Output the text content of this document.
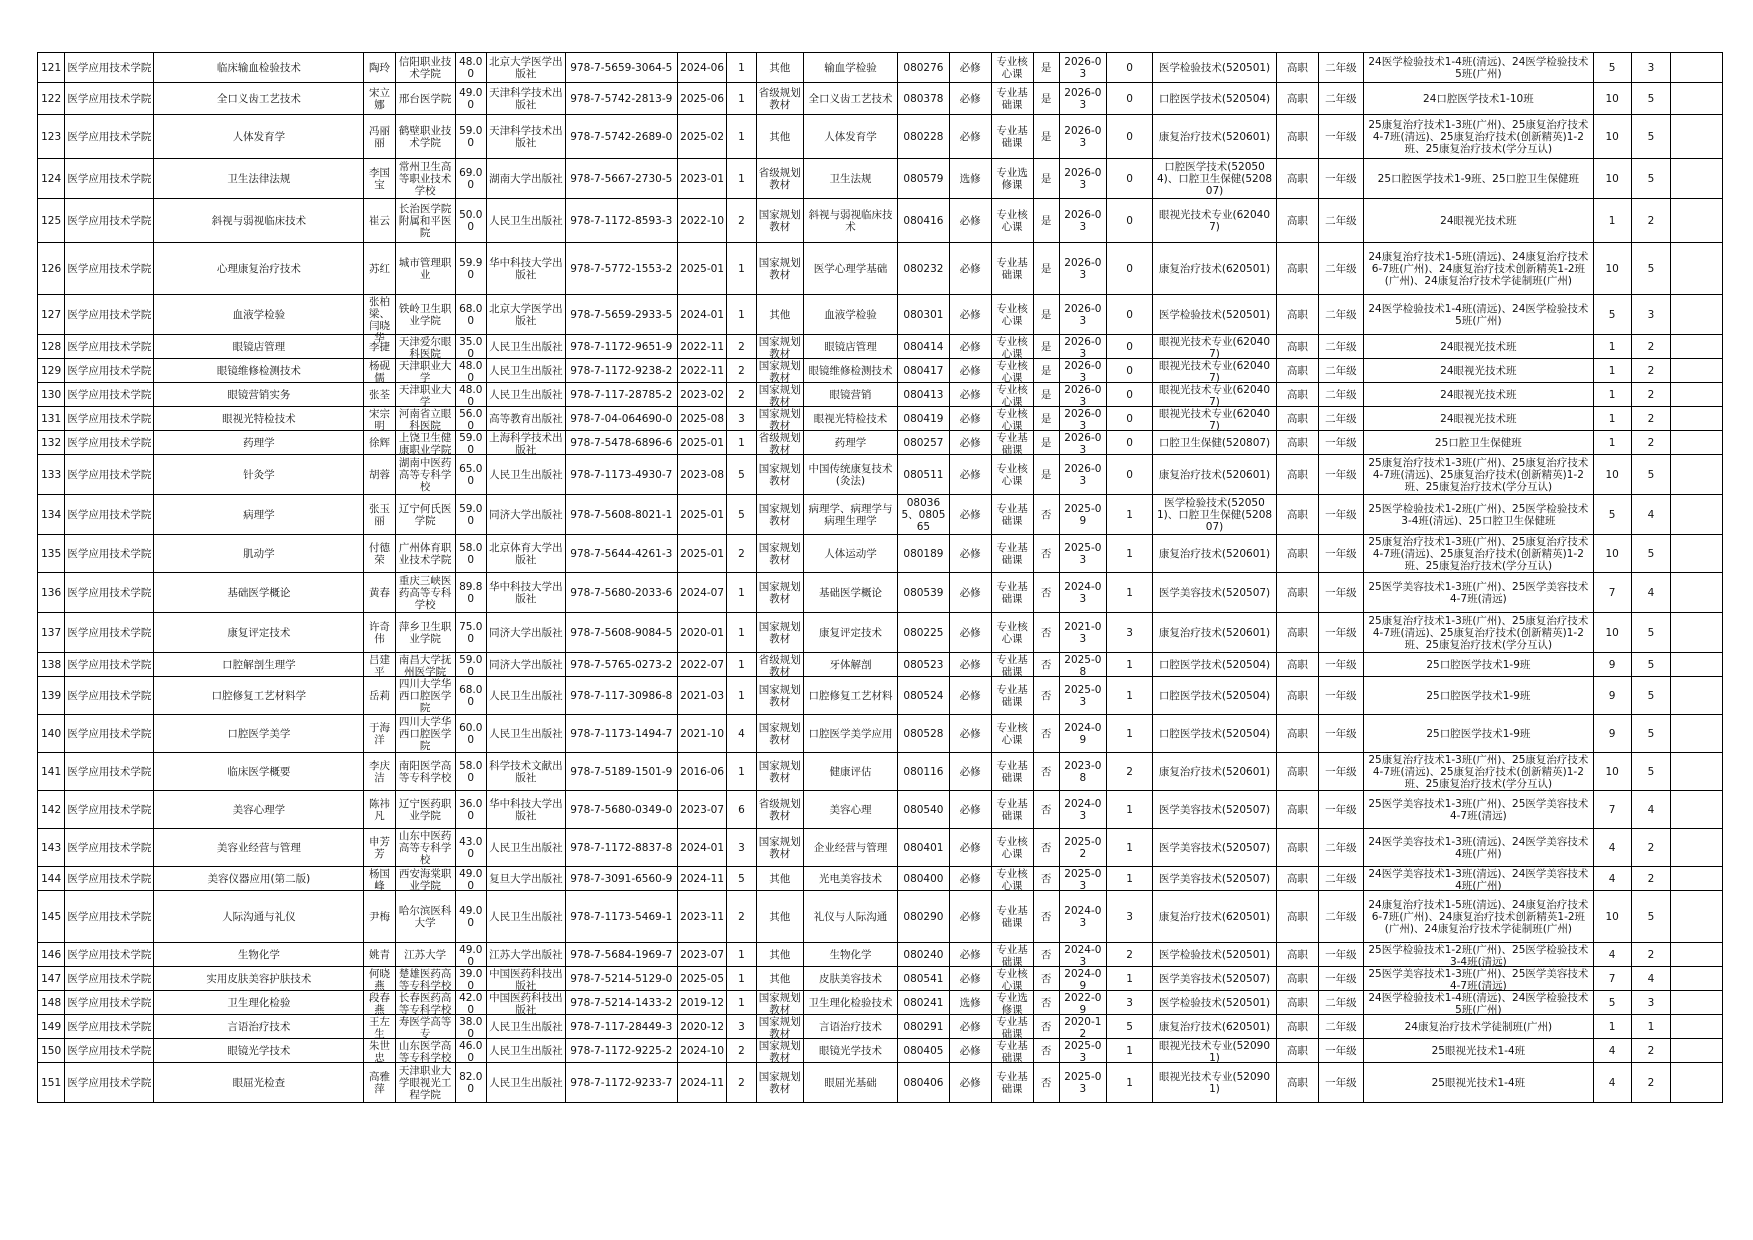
121	医学应用技术学院	临床输血检验技术	陶玲	信阳职业技术学院	48.00	北京大学医学出版社	978-7-5659-3064-5	2024-06	1	其他	输血学检验	080276	必修	专业核心课	是	2026-03	0	医学检验技术(520501)	高职	二年级	24医学检验技术1-4班(清远)、24医学检验技术5班(广州)	5	3	

122	医学应用技术学院	全口义齿工艺技术	宋立娜	邢台医学院	49.00	天津科学技术出版社	978-7-5742-2813-9	2025-06	1	省级规划教材	全口义齿工艺技术	080378	必修	专业基础课	是	2026-03	0	口腔医学技术(520504)	高职	二年级	24口腔医学技术1-10班	10	5	

123	医学应用技术学院	人体发育学	冯丽丽	鹤壁职业技术学院	59.00	天津科学技术出版社	978-7-5742-2689-0	2025-02	1	其他	人体发育学	080228	必修	专业基础课	是	2026-03	0	康复治疗技术(520601)	高职	一年级	25康复治疗技术1-3班(广州)、25康复治疗技术4-7班(清远)、25康复治疗技术(创新精英)1-2班、25康复治疗技术(学分互认)	10	5	

124	医学应用技术学院	卫生法律法规	李国宝	常州卫生高等职业技术学校	69.00	湖南大学出版社	978-7-5667-2730-5	2023-01	1	省级规划教材	卫生法规	080579	选修	专业选修课	是	2026-03	0	口腔医学技术(520504)、口腔卫生保健(520807)	高职	一年级	25口腔医学技术1-9班、25口腔卫生保健班	10	5	

125	医学应用技术学院	斜视与弱视临床技术	崔云	长治医学院附属和平医院	50.00	人民卫生出版社	978-7-1172-8593-3	2022-10	2	国家规划教材	斜视与弱视临床技术	080416	必修	专业核心课	是	2026-03	0	眼视光技术专业(620407)	高职	二年级	24眼视光技术班	1	2	

126	医学应用技术学院	心理康复治疗技术	苏红	城市管理职业	59.90	华中科技大学出版社	978-7-5772-1553-2	2025-01	1	国家规划教材	医学心理学基础	080232	必修	专业基础课	是	2026-03	0	康复治疗技术(620501)	高职	二年级	24康复治疗技术1-5班(清远)、24康复治疗技术6-7班(广州)、24康复治疗技术创新精英1-2班(广州)、24康复治疗技术学徒制班(广州)	10	5	

127	医学应用技术学院	血液学检验	张柏梁、闫晓华	铁岭卫生职业学院	68.00	北京大学医学出版社	978-7-5659-2933-5	2024-01	1	其他	血液学检验	080301	必修	专业核心课	是	2026-03	0	医学检验技术(520501)	高职	二年级	24医学检验技术1-4班(清远)、24医学检验技术5班(广州)	5	3	

128	医学应用技术学院	眼镜店管理	李捷	天津爱尔眼科医院	35.00	人民卫生出版社	978-7-1172-9651-9	2022-11	2	国家规划教材	眼镜店管理	080414	必修	专业核心课	是	2026-03	0	眼视光技术专业(620407)	高职	二年级	24眼视光技术班	1	2	

129	医学应用技术学院	眼镜维修检测技术	杨砚儒	天津职业大学	48.00	人民卫生出版社	978-7-1172-9238-2	2022-11	2	国家规划教材	眼镜维修检测技术	080417	必修	专业核心课	是	2026-03	0	眼视光技术专业(620407)	高职	二年级	24眼视光技术班	1	2	

130	医学应用技术学院	眼镜营销实务	张荃	天津职业大学	48.00	人民卫生出版社	978-7-117-28785-2	2023-02	2	国家规划教材	眼镜营销	080413	必修	专业核心课	是	2026-03	0	眼视光技术专业(620407)	高职	二年级	24眼视光技术班	1	2	

131	医学应用技术学院	眼视光特检技术	宋宗明	河南省立眼科医院	56.00	高等教育出版社	978-7-04-064690-0	2025-08	3	国家规划教材	眼视光特检技术	080419	必修	专业核心课	是	2026-03	0	眼视光技术专业(620407)	高职	二年级	24眼视光技术班	1	2	

132	医学应用技术学院	药理学	徐辉	上饶卫生健康职业学院	59.00	上海科学技术出版社	978-7-5478-6896-6	2025-01	1	省级规划教材	药理学	080257	必修	专业基础课	是	2026-03	0	口腔卫生保健(520807)	高职	一年级	25口腔卫生保健班	1	2	

133	医学应用技术学院	针灸学	胡蓉	湖南中医药高等专科学校	65.00	人民卫生出版社	978-7-1173-4930-7	2023-08	5	国家规划教材	中国传统康复技术(灸法)	080511	必修	专业核心课	是	2026-03	0	康复治疗技术(520601)	高职	一年级	25康复治疗技术1-3班(广州)、25康复治疗技术4-7班(清远)、25康复治疗技术(创新精英)1-2班、25康复治疗技术(学分互认)	10	5	

134	医学应用技术学院	病理学	张玉丽	辽宁何氏医学院	59.00	同济大学出版社	978-7-5608-8021-1	2025-01	5	国家规划教材	病理学、病理学与病理生理学	080365、080565	必修	专业基础课	否	2025-09	1	医学检验技术(520501)、口腔卫生保健(520807)	高职	一年级	25医学检验技术1-2班(广州)、25医学检验技术3-4班(清远)、25口腔卫生保健班	5	4	

135	医学应用技术学院	肌动学	付德荣	广州体育职业技术学院	58.00	北京体育大学出版社	978-7-5644-4261-3	2025-01	2	国家规划教材	人体运动学	080189	必修	专业基础课	否	2025-03	1	康复治疗技术(520601)	高职	一年级	25康复治疗技术1-3班(广州)、25康复治疗技术4-7班(清远)、25康复治疗技术(创新精英)1-2班、25康复治疗技术(学分互认)	10	5	

136	医学应用技术学院	基础医学概论	黄春	重庆三峡医药高等专科学校	89.80	华中科技大学出版社	978-7-5680-2033-6	2024-07	1	国家规划教材	基础医学概论	080539	必修	专业基础课	否	2024-03	1	医学美容技术(520507)	高职	一年级	25医学美容技术1-3班(广州)、25医学美容技术4-7班(清远)	7	4	

137	医学应用技术学院	康复评定技术	许奇伟	萍乡卫生职业学院	75.00	同济大学出版社	978-7-5608-9084-5	2020-01	1	国家规划教材	康复评定技术	080225	必修	专业核心课	否	2021-03	3	康复治疗技术(520601)	高职	一年级	25康复治疗技术1-3班(广州)、25康复治疗技术4-7班(清远)、25康复治疗技术(创新精英)1-2班、25康复治疗技术(学分互认)	10	5	

138	医学应用技术学院	口腔解剖生理学	吕建平	南昌大学抚州医学院	59.00	同济大学出版社	978-7-5765-0273-2	2022-07	1	省级规划教材	牙体解剖	080523	必修	专业基础课	否	2025-08	1	口腔医学技术(520504)	高职	一年级	25口腔医学技术1-9班	9	5	

139	医学应用技术学院	口腔修复工艺材料学	岳莉	四川大学华西口腔医学院	68.00	人民卫生出版社	978-7-117-30986-8	2021-03	1	国家规划教材	口腔修复工艺材料	080524	必修	专业基础课	否	2025-03	1	口腔医学技术(520504)	高职	一年级	25口腔医学技术1-9班	9	5	

140	医学应用技术学院	口腔医学美学	于海洋	四川大学华西口腔医学院	60.00	人民卫生出版社	978-7-1173-1494-7	2021-10	4	国家规划教材	口腔医学美学应用	080528	必修	专业核心课	否	2024-09	1	口腔医学技术(520504)	高职	一年级	25口腔医学技术1-9班	9	5	

141	医学应用技术学院	临床医学概要	李庆洁	南阳医学高等专科学校	58.00	科学技术文献出版社	978-7-5189-1501-9	2016-06	1	国家规划教材	健康评估	080116	必修	专业基础课	否	2023-08	2	康复治疗技术(520601)	高职	一年级	25康复治疗技术1-3班(广州)、25康复治疗技术4-7班(清远)、25康复治疗技术(创新精英)1-2班、25康复治疗技术(学分互认)	10	5	

142	医学应用技术学院	美容心理学	陈祎凡	辽宁医药职业学院	36.00	华中科技大学出版社	978-7-5680-0349-0	2023-07	6	省级规划教材	美容心理	080540	必修	专业基础课	否	2024-03	1	医学美容技术(520507)	高职	一年级	25医学美容技术1-3班(广州)、25医学美容技术4-7班(清远)	7	4	

143	医学应用技术学院	美容业经营与管理	申芳芳	山东中医药高等专科学校	43.00	人民卫生出版社	978-7-1172-8837-8	2024-01	3	国家规划教材	企业经营与管理	080401	必修	专业核心课	否	2025-02	1	医学美容技术(520507)	高职	二年级	24医学美容技术1-3班(清远)、24医学美容技术4班(广州)	4	2	

144	医学应用技术学院	美容仪器应用(第二版)	杨国峰	西安海棠职业学院	49.00	复旦大学出版社	978-7-3091-6560-9	2024-11	5	其他	光电美容技术	080400	必修	专业核心课	否	2025-03	1	医学美容技术(520507)	高职	二年级	24医学美容技术1-3班(清远)、24医学美容技术4班(广州)	4	2	

145	医学应用技术学院	人际沟通与礼仪	尹梅	哈尔滨医科大学	49.00	人民卫生出版社	978-7-1173-5469-1	2023-11	2	其他	礼仪与人际沟通	080290	必修	专业基础课	否	2024-03	3	康复治疗技术(620501)	高职	二年级	24康复治疗技术1-5班(清远)、24康复治疗技术6-7班(广州)、24康复治疗技术创新精英1-2班(广州)、24康复治疗技术学徒制班(广州)	10	5	

146	医学应用技术学院	生物化学	姚青	江苏大学	49.00	江苏大学出版社	978-7-5684-1969-7	2023-07	1	其他	生物化学	080240	必修	专业基础课	否	2024-03	2	医学检验技术(520501)	高职	一年级	25医学检验技术1-2班(广州)、25医学检验技术3-4班(清远)	4	2	

147	医学应用技术学院	实用皮肤美容护肤技术	何晓燕	楚雄医药高等专科学校	39.00	中国医药科技出版社	978-7-5214-5129-0	2025-05	1	其他	皮肤美容技术	080541	必修	专业核心课	否	2024-09	1	医学美容技术(520507)	高职	一年级	25医学美容技术1-3班(广州)、25医学美容技术4-7班(清远)	7	4	

148	医学应用技术学院	卫生理化检验	段春燕	长春医药高等专科学校	42.00	中国医药科技出版社	978-7-5214-1433-2	2019-12	1	国家规划教材	卫生理化检验技术	080241	选修	专业选修课	否	2022-09	3	医学检验技术(520501)	高职	二年级	24医学检验技术1-4班(清远)、24医学检验技术5班(广州)	5	3	

149	医学应用技术学院	言语治疗技术	王左生	寿医学高等专	38.00	人民卫生出版社	978-7-117-28449-3	2020-12	3	国家规划教材	言语治疗技术	080291	必修	专业基础课	否	2020-12	5	康复治疗技术(620501)	高职	二年级	24康复治疗技术学徒制班(广州)	1	1	

150	医学应用技术学院	眼镜光学技术	朱世忠	山东医学高等专科学校	46.00	人民卫生出版社	978-7-1172-9225-2	2024-10	2	国家规划教材	眼镜光学技术	080405	必修	专业基础课	否	2025-03	1	眼视光技术专业(520901)	高职	一年级	25眼视光技术1-4班	4	2	

151	医学应用技术学院	眼屈光检查	高雅萍	天津职业大学眼视光工程学院	82.00	人民卫生出版社	978-7-1172-9233-7	2024-11	2	国家规划教材	眼屈光基础	080406	必修	专业基础课	否	2025-03	1	眼视光技术专业(520901)	高职	一年级	25眼视光技术1-4班	4	2	
